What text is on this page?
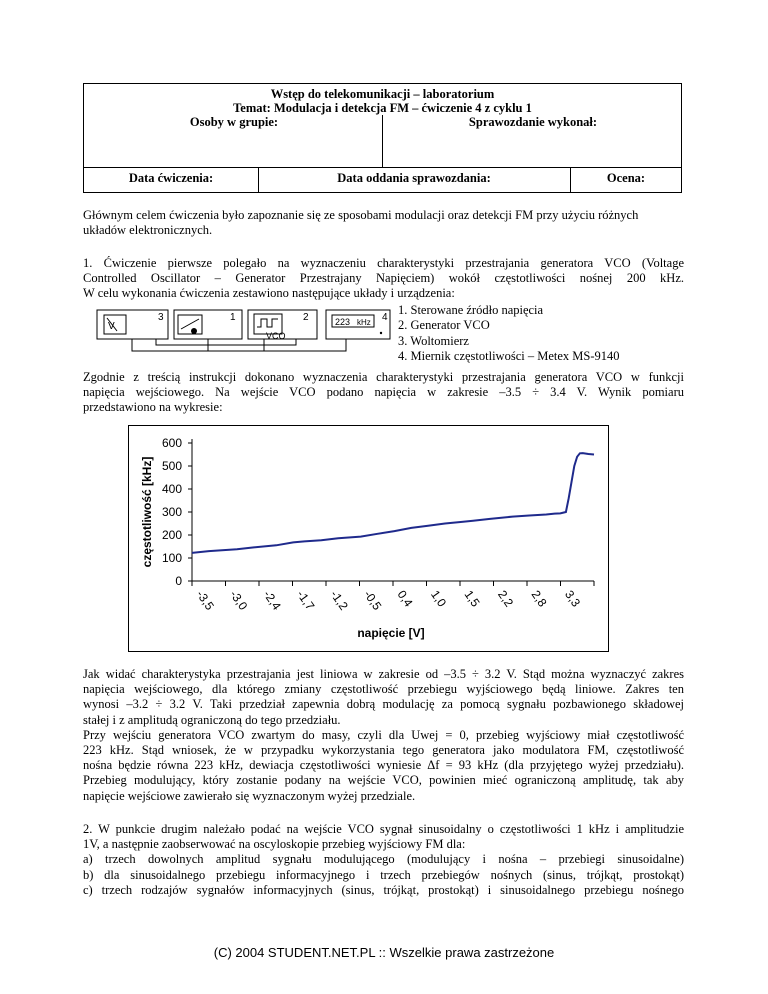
Wstęp do telekomunikacji – laboratorium
Temat: Modulacja i detekcja FM – ćwiczenie 4 z cyklu 1
Osoby w grupie:	Sprawozdanie wykonał:
Data ćwiczenia:	Data oddania sprawozdania:	Ocena:

Głównym celem ćwiczenia było zapoznanie się ze sposobami modulacji oraz detekcji FM przy użyciu różnych układów elektronicznych.

1. Ćwiczenie pierwsze polegało na wyznaczeniu charakterystyki przestrajania generatora VCO (Voltage

Controlled Oscillator – Generator Przestrajany Napięciem) wokół częstotliwości nośnej 200 kHz.

W celu wykonania ćwiczenia zestawiono następujące układy i urządzenia:

V
3	1	2	4
VCO
223 kHz
1. Sterowane źródło napięcia
2. Generator VCO
3. Woltomierz
4. Miernik częstotliwości – Metex MS-9140

Zgodnie z treścią instrukcji dokonano wyznaczenia charakterystyki przestrajania generatora VCO w funkcji

napięcia wejściowego. Na wejście VCO podano napięcia w zakresie –3.5 ÷ 3.4 V. Wynik pomiaru

przedstawiono na wykresie:

0
100
200
300
400
500
600
-3,5 -3,0 -2,4 -1,7 -1,2 -0,5 0,4 1,0 1,5 2,2 2,8 3,3
napięcie [V]
częstotliwość [kHz]

Jak widać charakterystyka przestrajania jest liniowa w zakresie od –3.5 ÷ 3.2 V. Stąd można wyznaczyć zakres

napięcia wejściowego, dla którego zmiany częstotliwość przebiegu wyjściowego będą liniowe. Zakres ten

wynosi –3.2 ÷ 3.2 V. Taki przedział zapewnia dobrą modulację za pomocą sygnału pozbawionego składowej

stałej i z amplitudą ograniczoną do tego przedziału.

Przy wejściu generatora VCO zwartym do masy, czyli dla Uwej = 0, przebieg wyjściowy miał częstotliwość

223 kHz. Stąd wniosek, że w przypadku wykorzystania tego generatora jako modulatora FM, częstotliwość

nośna będzie równa 223 kHz, dewiacja częstotliwości wyniesie Δf = 93 kHz (dla przyjętego wyżej przedziału).

Przebieg modulujący, który zostanie podany na wejście VCO, powinien mieć ograniczoną amplitudę, tak aby

napięcie wejściowe zawierało się wyznaczonym wyżej przedziale.

2. W punkcie drugim należało podać na wejście VCO sygnał sinusoidalny o częstotliwości 1 kHz i amplitudzie

1V, a następnie zaobserwować na oscyloskopie przebieg wyjściowy FM dla:

a) trzech dowolnych amplitud sygnału modulującego (modulujący i nośna – przebiegi sinusoidalne)

b) dla sinusoidalnego przebiegu informacyjnego i trzech przebiegów nośnych (sinus, trójkąt, prostokąt)

c) trzech rodzajów sygnałów informacyjnych (sinus, trójkąt, prostokąt) i sinusoidalnego przebiegu nośnego

(C) 2004 STUDENT.NET.PL :: Wszelkie prawa zastrzeżone
